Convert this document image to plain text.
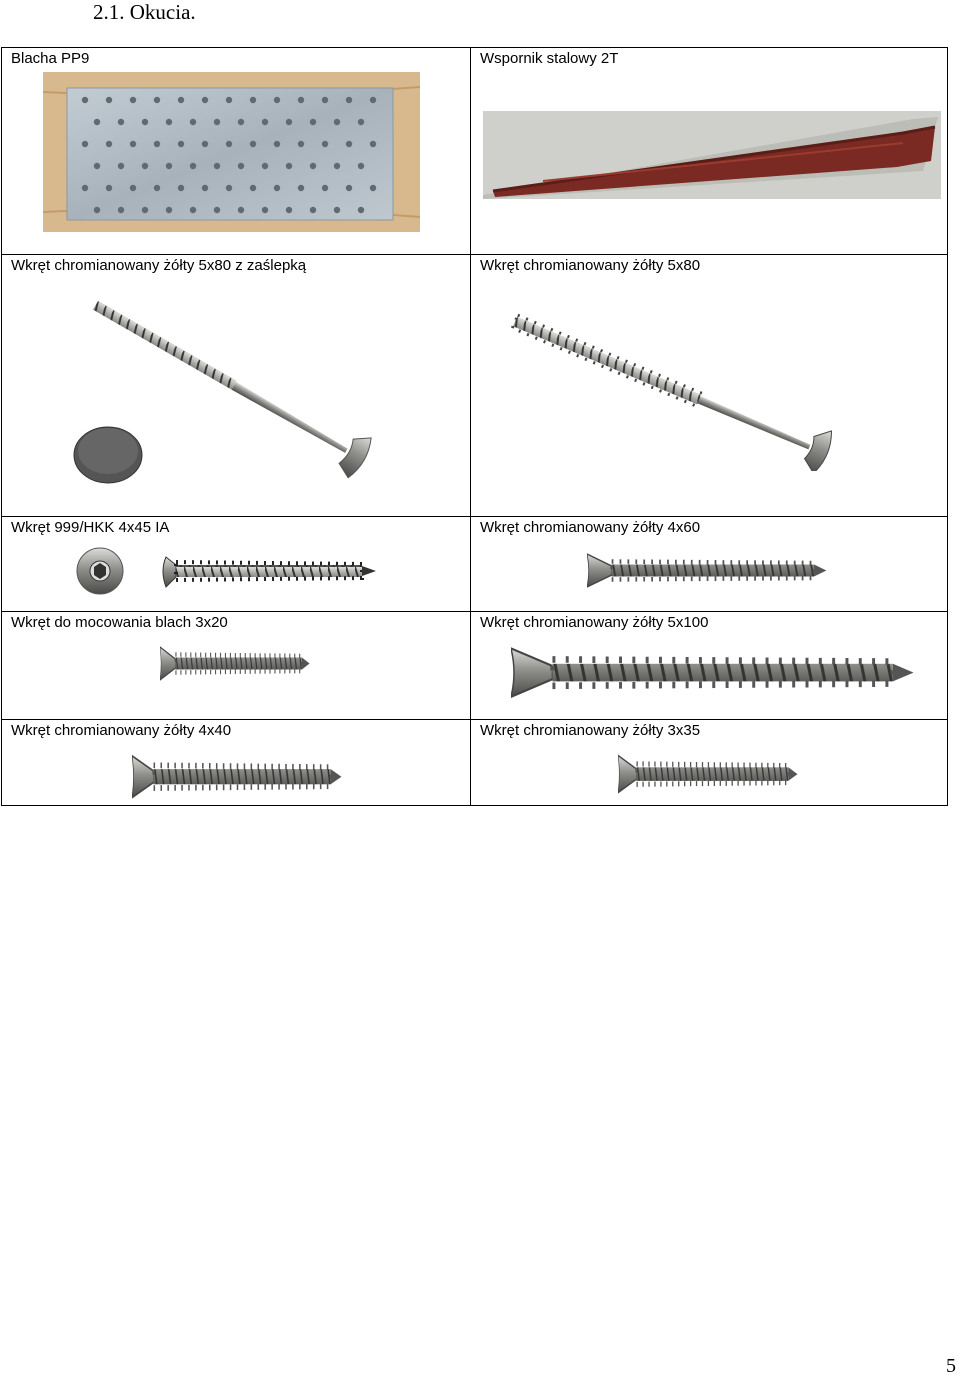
2.1. Okucia.
Blacha PP9	Wspornik stalowy 2T

Wkręt chromianowany żółty 5x80 z zaślepką	Wkręt chromianowany żółty 5x80

Wkręt 999/HKK 4x45 IA	Wkręt chromianowany żółty 4x60

Wkręt do mocowania blach 3x20	Wkręt chromianowany żółty 5x100

Wkręt chromianowany żółty 4x40	Wkręt chromianowany żółty 3x35
5
